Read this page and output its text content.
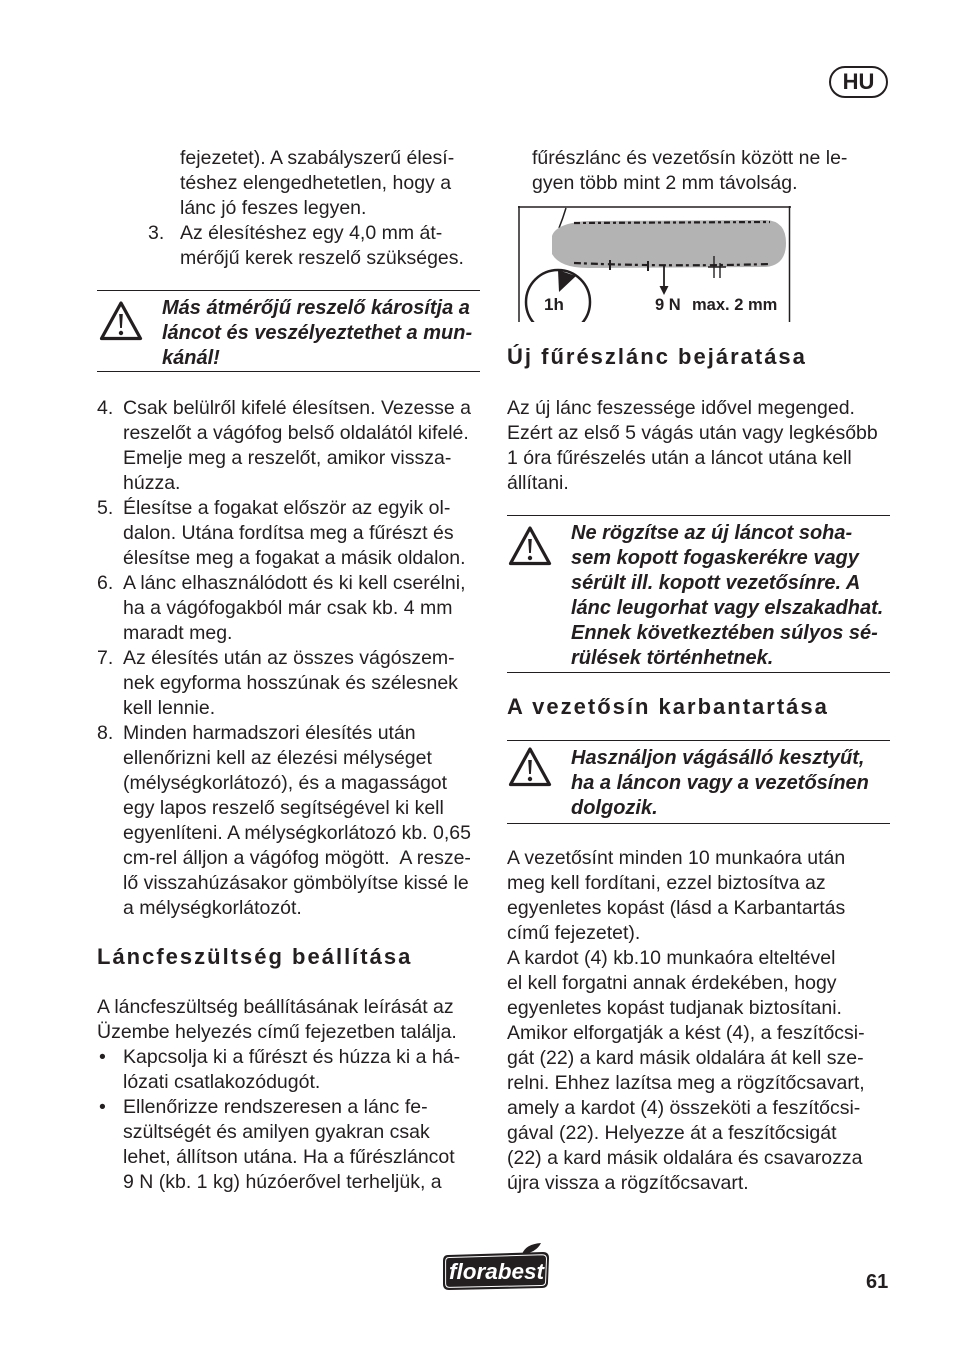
HU
fejezetet). A szabályszerű élesí-
téshez elengedhetetlen, hogy a
lánc jó feszes legyen.
3. Az élesítéshez egy 4,0 mm át-
mérőjű kerek reszelő szükséges.
Más átmérőjű reszelő károsítja a
láncot és veszélyeztethet a mun-
kánál!
4. Csak belülről kifelé élesítsen. Vezesse a
reszelőt a vágófog belső oldalától kifelé.
Emelje meg a reszelőt, amikor vissza-
húzza.
5. Élesítse a fogakat először az egyik ol-
dalon. Utána fordítsa meg a fűrészt és
élesítse meg a fogakat a másik oldalon.
6. A lánc elhasználódott és ki kell cserélni,
ha a vágófogakból már csak kb. 4 mm
maradt meg.
7. Az élesítés után az összes vágószem-
nek egyforma hosszúnak és szélesnek
kell lennie.
8. Minden harmadszori élesítés után
ellenőrizni kell az élezési mélységet
(mélységkorlátozó), és a magasságot
egy lapos reszelő segítségével ki kell
egyenlíteni. A mélységkorlátozó kb. 0,65
cm-rel álljon a vágófog mögött.  A resze-
lő visszahúzásakor gömbölyítse kissé le
a mélységkorlátozót.
Láncfeszültség beállítása
A láncfeszültség beállításának leírását az
Üzembe helyezés című fejezetben találja.
• Kapcsolja ki a fűrészt és húzza ki a há-
lózati csatlakozódugót.
• Ellenőrizze rendszeresen a lánc fe-
szültségét és amilyen gyakran csak
lehet, állítson utána. Ha a fűrészláncot
9 N (kb. 1 kg) húzóerővel terheljük, a
fűrészlánc és vezetősín között ne le-
gyen több mint 2 mm távolság.
1h	9 N max. 2 mm
Új fűrészlánc bejáratása
Az új lánc feszessége idővel megenged.
Ezért az első 5 vágás után vagy legkésőbb
1 óra fűrészelés után a láncot utána kell
állítani.
Ne rögzítse az új láncot soha-
sem kopott fogaskerékre vagy
sérült ill. kopott vezetősínre. A
lánc leugorhat vagy elszakadhat.
Ennek következtében súlyos sé-
rülések történhetnek.
A vezetősín karbantartása
Használjon vágásálló kesztyűt,
ha a láncon vagy a vezetősínen
dolgozik.
A vezetősínt minden 10 munkaóra után
meg kell fordítani, ezzel biztosítva az
egyenletes kopást (lásd a Karbantartás
című fejezetet).
A kardot (4) kb.10 munkaóra elteltével
el kell forgatni annak érdekében, hogy
egyenletes kopást tudjanak biztosítani.
Amikor elforgatják a kést (4), a feszítőcsi-
gát (22) a kard másik oldalára át kell sze-
relni. Ehhez lazítsa meg a rögzítőcsavart,
amely a kardot (4) összeköti a feszítőcsi-
gával (22). Helyezze át a feszítőcsigát
(22) a kard másik oldalára és csavarozza
újra vissza a rögzítőcsavart.
florabest	61
